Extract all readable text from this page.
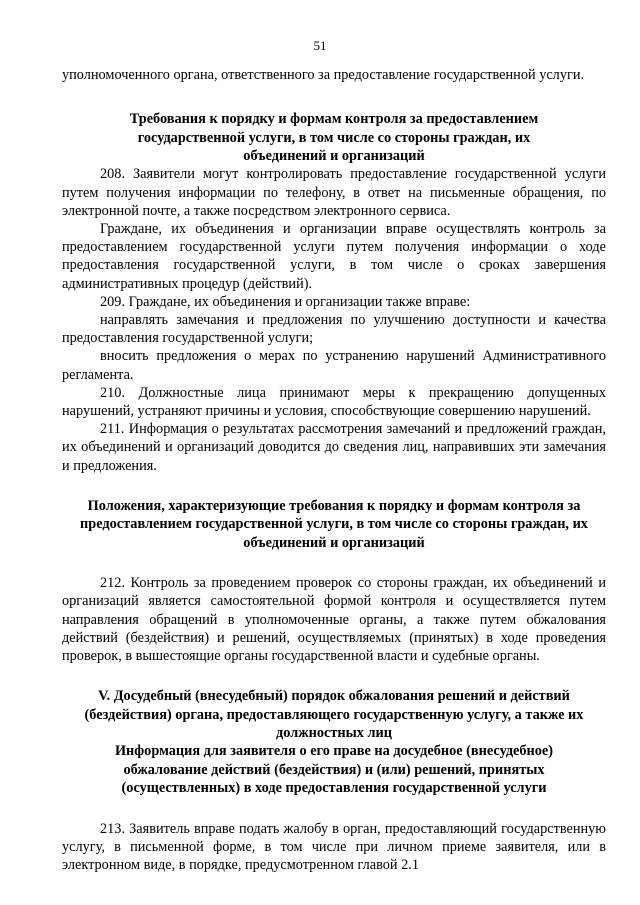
51

уполномоченного органа, ответственного за предоставление государственной услуги.

Требования к порядку и формам контроля за предоставлением государственной услуги, в том числе со стороны граждан, их объединений и организаций

208. Заявители могут контролировать предоставление государственной услуги путем получения информации по телефону, в ответ на письменные обращения, по электронной почте, а также посредством электронного сервиса.

Граждане, их объединения и организации вправе осуществлять контроль за предоставлением государственной услуги путем получения информации о ходе предоставления государственной услуги, в том числе о сроках завершения административных процедур (действий).

209. Граждане, их объединения и организации также вправе:

направлять замечания и предложения по улучшению доступности и качества предоставления государственной услуги;

вносить предложения о мерах по устранению нарушений Административного регламента.

210. Должностные лица принимают меры к прекращению допущенных нарушений, устраняют причины и условия, способствующие совершению нарушений.

211. Информация о результатах рассмотрения замечаний и предложений граждан, их объединений и организаций доводится до сведения лиц, направивших эти замечания и предложения.

Положения, характеризующие требования к порядку и формам контроля за предоставлением государственной услуги, в том числе со стороны граждан, их объединений и организаций

212. Контроль за проведением проверок со стороны граждан, их объединений и организаций является самостоятельной формой контроля и осуществляется путем направления обращений в уполномоченные органы, а также путем обжалования действий (бездействия) и решений, осуществляемых (принятых) в ходе проведения проверок, в вышестоящие органы государственной власти и судебные органы.

V. Досудебный (внесудебный) порядок обжалования решений и действий (бездействия) органа, предоставляющего государственную услугу, а также их должностных лиц

Информация для заявителя о его праве на досудебное (внесудебное) обжалование действий (бездействия) и (или) решений, принятых (осуществленных) в ходе предоставления государственной услуги

213. Заявитель вправе подать жалобу в орган, предоставляющий государственную услугу, в письменной форме, в том числе при личном приеме заявителя, или в электронном виде, в порядке, предусмотренном главой 2.1
